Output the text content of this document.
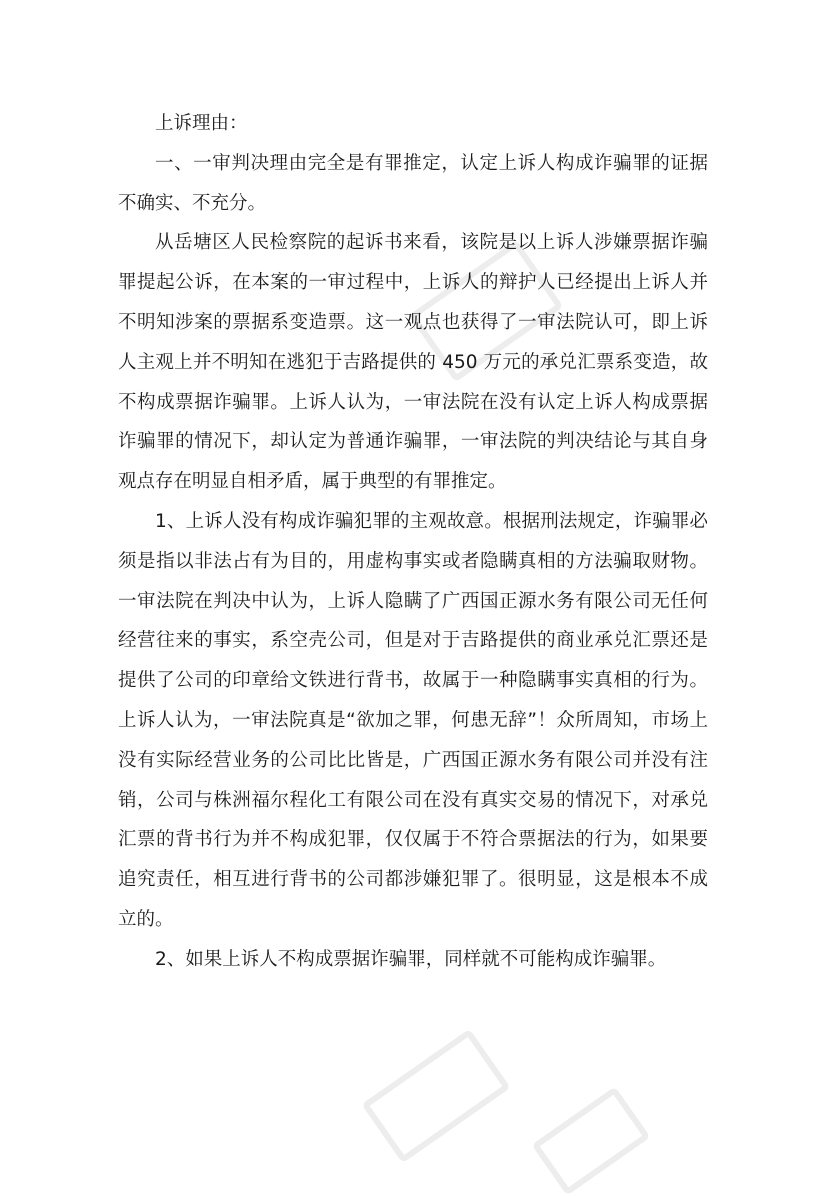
上诉理由：

一、一审判决理由完全是有罪推定，认定上诉人构成诈骗罪的证据不确实、不充分。

从岳塘区人民检察院的起诉书来看，该院是以上诉人涉嫌票据诈骗罪提起公诉，在本案的一审过程中，上诉人的辩护人已经提出上诉人并不明知涉案的票据系变造票。这一观点也获得了一审法院认可，即上诉人主观上并不明知在逃犯于吉路提供的 450 万元的承兑汇票系变造，故不构成票据诈骗罪。上诉人认为，一审法院在没有认定上诉人构成票据诈骗罪的情况下，却认定为普通诈骗罪，一审法院的判决结论与其自身观点存在明显自相矛盾，属于典型的有罪推定。

1、上诉人没有构成诈骗犯罪的主观故意。根据刑法规定，诈骗罪必须是指以非法占有为目的，用虚构事实或者隐瞒真相的方法骗取财物。一审法院在判决中认为，上诉人隐瞒了广西国正源水务有限公司无任何经营往来的事实，系空壳公司，但是对于吉路提供的商业承兑汇票还是提供了公司的印章给文铁进行背书，故属于一种隐瞒事实真相的行为。上诉人认为，一审法院真是“欲加之罪，何患无辞”！众所周知，市场上没有实际经营业务的公司比比皆是，广西国正源水务有限公司并没有注销，公司与株洲福尔程化工有限公司在没有真实交易的情况下，对承兑汇票的背书行为并不构成犯罪，仅仅属于不符合票据法的行为，如果要追究责任，相互进行背书的公司都涉嫌犯罪了。很明显，这是根本不成立的。

2、如果上诉人不构成票据诈骗罪，同样就不可能构成诈骗罪。
